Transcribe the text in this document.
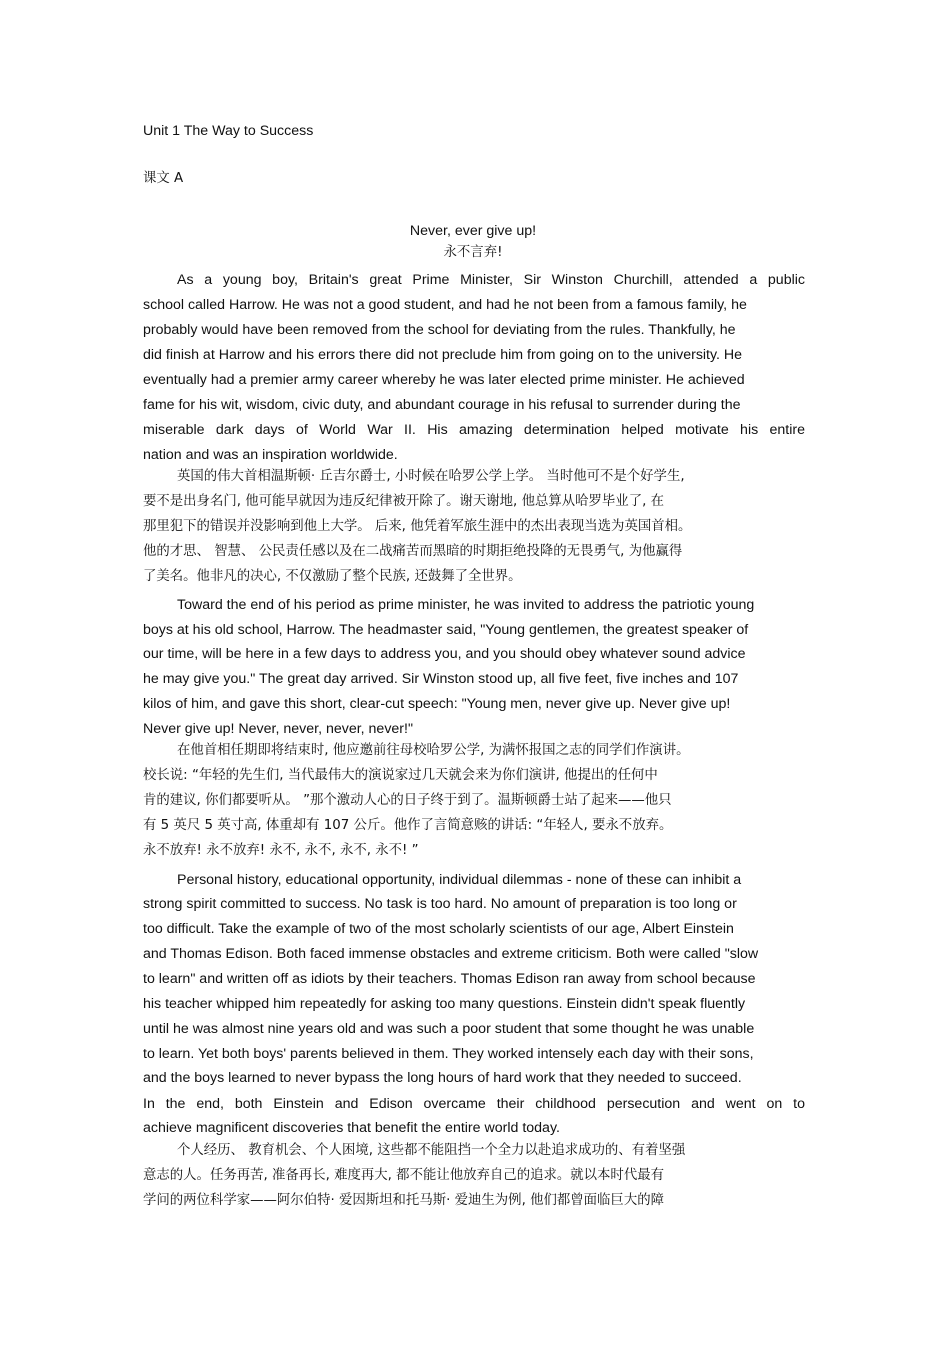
Unit 1 The Way to Success
课文 A
Never, ever give up!
永不言弃!
As a young boy, Britain's great Prime Minister, Sir Winston Churchill, attended a public
school called Harrow. He was not a good student, and had he not been from a famous family, he
probably would have been removed from the school for deviating from the rules. Thankfully, he
did finish at Harrow and his errors there did not preclude him from going on to the university. He
eventually had a premier army career whereby he was later elected prime minister. He achieved
fame for his wit, wisdom, civic duty, and abundant courage in his refusal to surrender during the
miserable dark days of World War II. His amazing determination helped motivate his entire
nation and was an inspiration worldwide.
英国的伟大首相温斯顿· 丘吉尔爵士, 小时候在哈罗公学上学。 当时他可不是个好学生,
要不是出身名门, 他可能早就因为违反纪律被开除了。谢天谢地, 他总算从哈罗毕业了, 在
那里犯下的错误并没影响到他上大学。 后来, 他凭着军旅生涯中的杰出表现当选为英国首相。
他的才思、 智慧、 公民责任感以及在二战痛苦而黑暗的时期拒绝投降的无畏勇气, 为他赢得
了美名。他非凡的决心, 不仅激励了整个民族, 还鼓舞了全世界。
Toward the end of his period as prime minister, he was invited to address the patriotic young
boys at his old school, Harrow. The headmaster said, "Young gentlemen, the greatest speaker of
our time, will be here in a few days to address you, and you should obey whatever sound advice
he may give you." The great day arrived. Sir Winston stood up, all five feet, five inches and 107
kilos of him, and gave this short, clear-cut speech: "Young men, never give up. Never give up!
Never give up! Never, never, never, never!"
在他首相任期即将结束时, 他应邀前往母校哈罗公学, 为满怀报国之志的同学们作演讲。
校长说: “年轻的先生们, 当代最伟大的演说家过几天就会来为你们演讲, 他提出的任何中
肯的建议, 你们都要听从。 ”那个激动人心的日子终于到了。温斯顿爵士站了起来——他只
有 5 英尺 5 英寸高, 体重却有 107 公斤。他作了言简意赅的讲话: “年轻人, 要永不放弃。
永不放弃! 永不放弃! 永不, 永不, 永不, 永不! ”
Personal history, educational opportunity, individual dilemmas - none of these can inhibit a
strong spirit committed to success. No task is too hard. No amount of preparation is too long or
too difficult. Take the example of two of the most scholarly scientists of our age, Albert Einstein
and Thomas Edison. Both faced immense obstacles and extreme criticism. Both were called "slow
to learn" and written off as idiots by their teachers. Thomas Edison ran away from school because
his teacher whipped him repeatedly for asking too many questions. Einstein didn't speak fluently
until he was almost nine years old and was such a poor student that some thought he was unable
to learn. Yet both boys' parents believed in them. They worked intensely each day with their sons,
and the boys learned to never bypass the long hours of hard work that they needed to succeed.
In the end, both Einstein and Edison overcame their childhood persecution and went on to
achieve magnificent discoveries that benefit the entire world today.
个人经历、 教育机会、个人困境, 这些都不能阻挡一个全力以赴追求成功的、有着坚强
意志的人。任务再苦, 准备再长, 难度再大, 都不能让他放弃自己的追求。就以本时代最有
学问的两位科学家——阿尔伯特· 爱因斯坦和托马斯· 爱迪生为例, 他们都曾面临巨大的障
